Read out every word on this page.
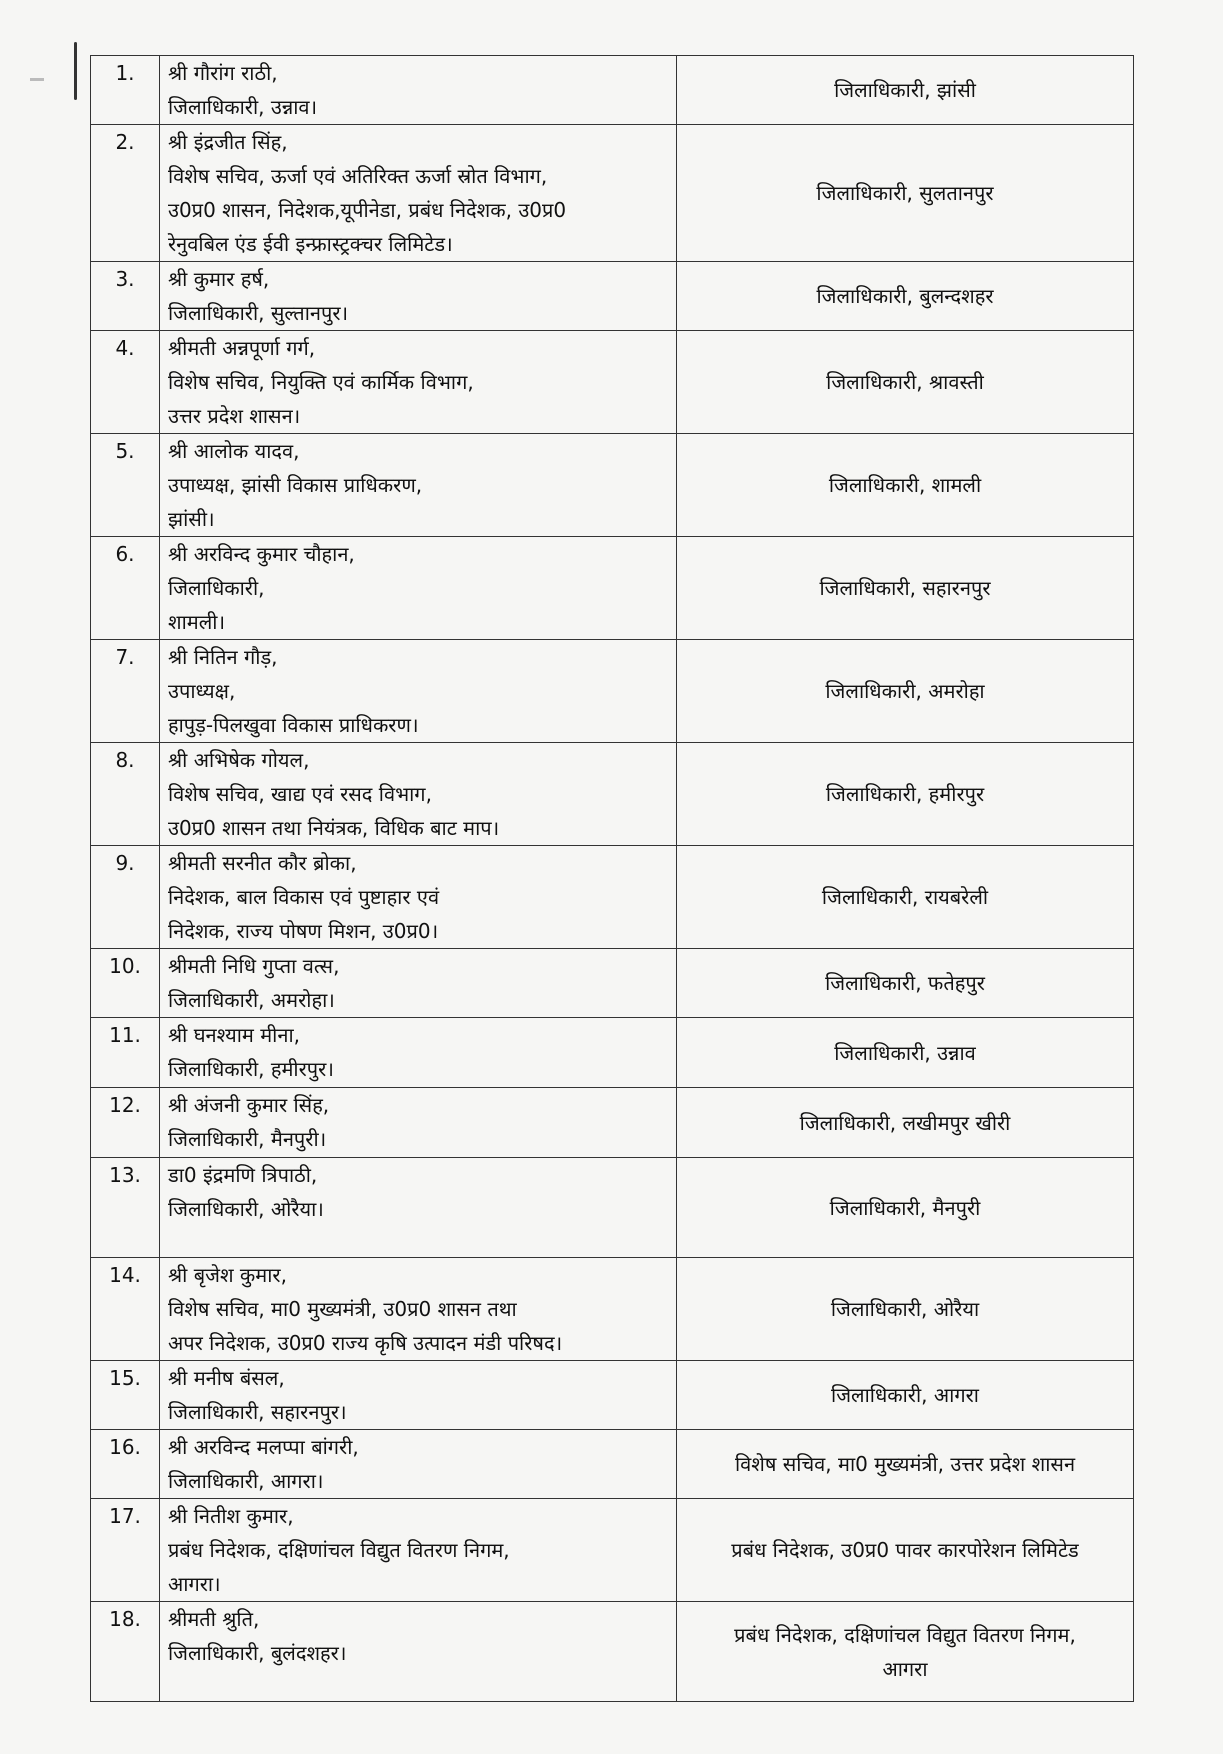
1.	श्री गौरांग राठी,
जिलाधिकारी, उन्नाव।	जिलाधिकारी, झांसी

2.	श्री इंद्रजीत सिंह,
विशेष सचिव, ऊर्जा एवं अतिरिक्त ऊर्जा स्रोत विभाग,
उ0प्र0 शासन, निदेशक,यूपीनेडा, प्रबंध निदेशक, उ0प्र0
रेनुवबिल एंड ईवी इन्फ्रास्ट्रक्चर लिमिटेड।	जिलाधिकारी, सुलतानपुर

3.	श्री कुमार हर्ष,
जिलाधिकारी, सुल्तानपुर।	जिलाधिकारी, बुलन्दशहर

4.	श्रीमती अन्नपूर्णा गर्ग,
विशेष सचिव, नियुक्ति एवं कार्मिक विभाग,
उत्तर प्रदेश शासन।	जिलाधिकारी, श्रावस्ती

5.	श्री आलोक यादव,
उपाध्यक्ष, झांसी विकास प्राधिकरण,
झांसी।	जिलाधिकारी, शामली

6.	श्री अरविन्द कुमार चौहान,
जिलाधिकारी,
शामली।	जिलाधिकारी, सहारनपुर

7.	श्री नितिन गौड़,
उपाध्यक्ष,
हापुड़-पिलखुवा विकास प्राधिकरण।	जिलाधिकारी, अमरोहा

8.	श्री अभिषेक गोयल,
विशेष सचिव, खाद्य एवं रसद विभाग,
उ0प्र0 शासन तथा नियंत्रक, विधिक बाट माप।	जिलाधिकारी, हमीरपुर

9.	श्रीमती सरनीत कौर ब्रोका,
निदेशक, बाल विकास एवं पुष्टाहार एवं
निदेशक, राज्य पोषण मिशन, उ0प्र0।	जिलाधिकारी, रायबरेली

10.	श्रीमती निधि गुप्ता वत्स,
जिलाधिकारी, अमरोहा।	जिलाधिकारी, फतेहपुर

11.	श्री घनश्याम मीना,
जिलाधिकारी, हमीरपुर।	जिलाधिकारी, उन्नाव

12.	श्री अंजनी कुमार सिंह,
जिलाधिकारी, मैनपुरी।	जिलाधिकारी, लखीमपुर खीरी

13.	डा0 इंद्रमणि त्रिपाठी,
जिलाधिकारी, ओरैया।	जिलाधिकारी, मैनपुरी

14.	श्री बृजेश कुमार,
विशेष सचिव, मा0 मुख्यमंत्री, उ0प्र0 शासन तथा
अपर निदेशक, उ0प्र0 राज्य कृषि उत्पादन मंडी परिषद।	जिलाधिकारी, ओरैया

15.	श्री मनीष बंसल,
जिलाधिकारी, सहारनपुर।	जिलाधिकारी, आगरा

16.	श्री अरविन्द मलप्पा बांगरी,
जिलाधिकारी, आगरा।	विशेष सचिव, मा0 मुख्यमंत्री, उत्तर प्रदेश शासन

17.	श्री नितीश कुमार,
प्रबंध निदेशक, दक्षिणांचल विद्युत वितरण निगम,
आगरा।	प्रबंध निदेशक, उ0प्र0 पावर कारपोरेशन लिमिटेड

18.	श्रीमती श्रुति,
जिलाधिकारी, बुलंदशहर।	प्रबंध निदेशक, दक्षिणांचल विद्युत वितरण निगम,
आगरा
